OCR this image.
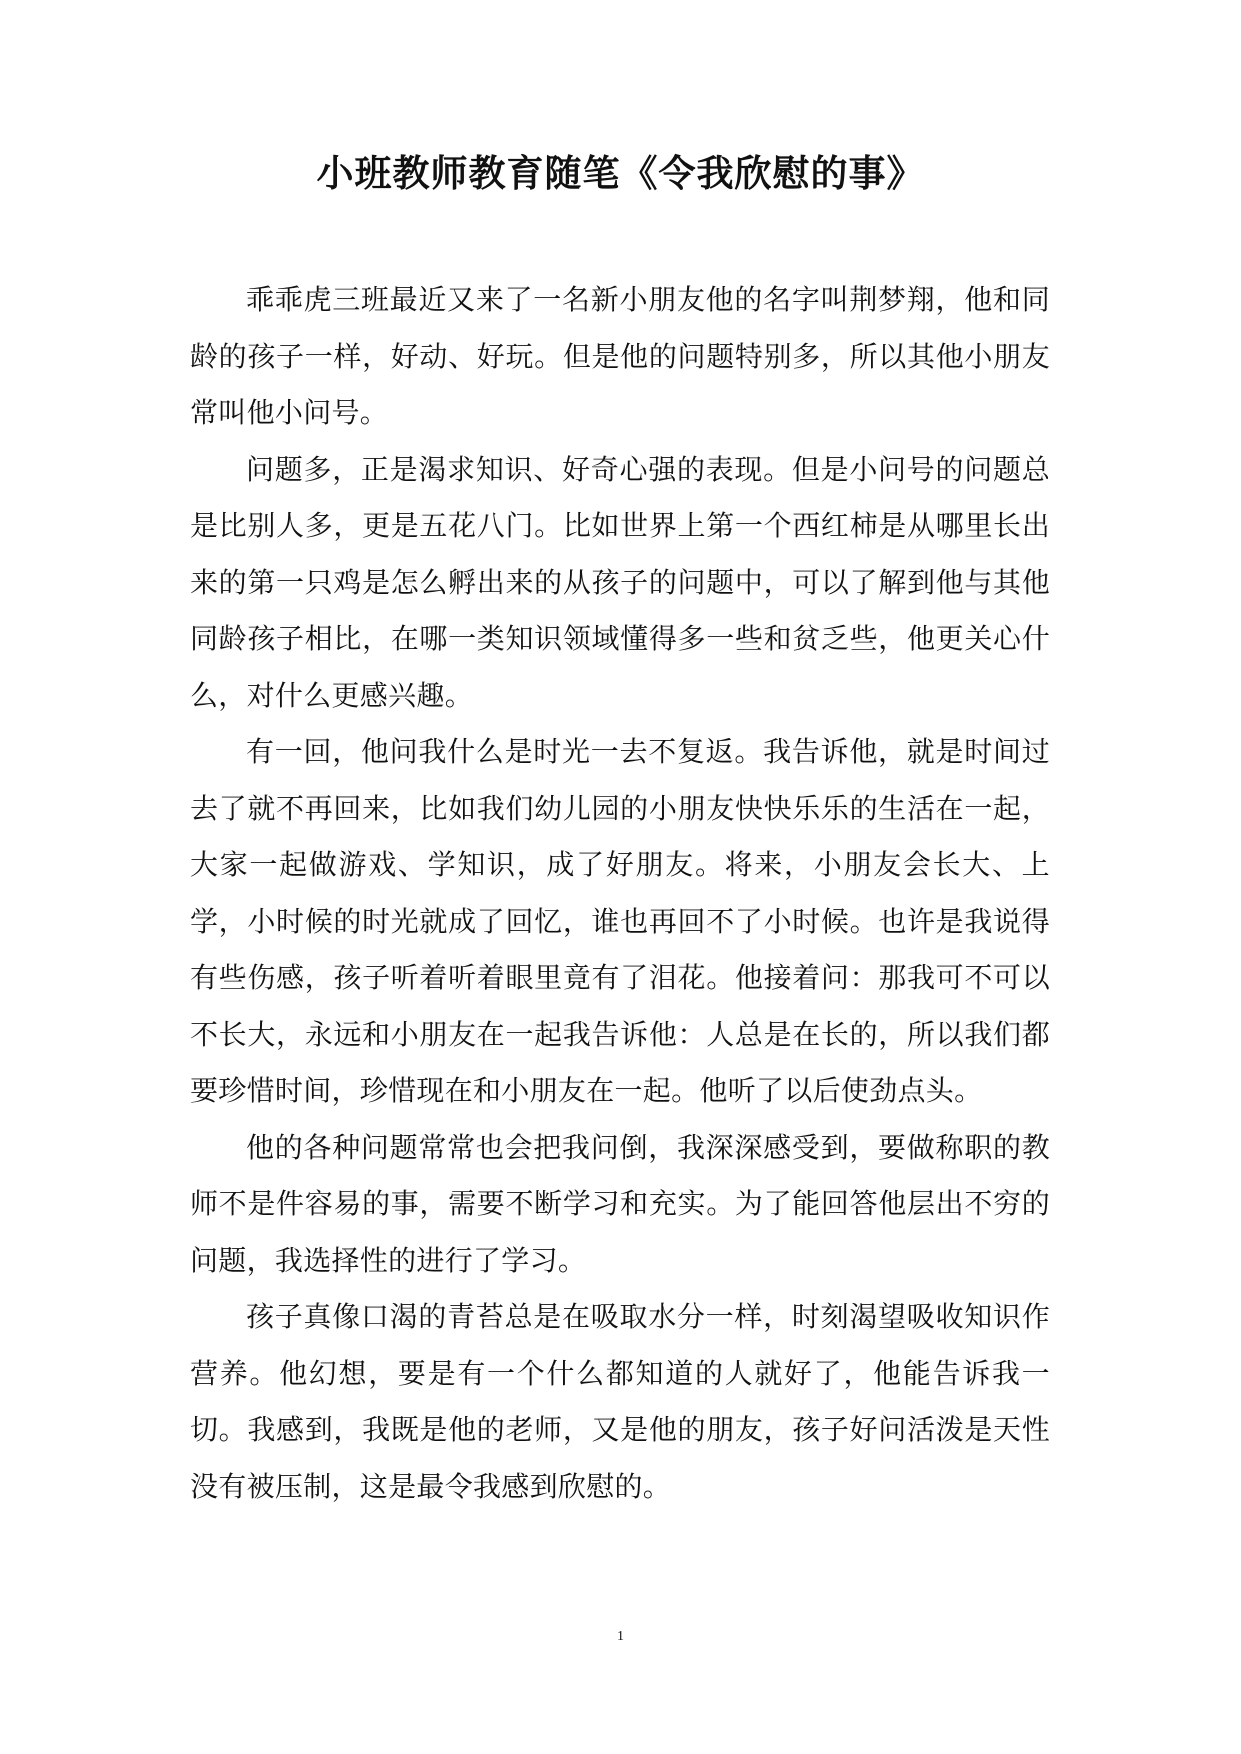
小班教师教育随笔《令我欣慰的事》

乖乖虎三班最近又来了一名新小朋友他的名字叫荆梦翔，他和同龄的孩子一样，好动、好玩。但是他的问题特别多，所以其他小朋友常叫他小问号。

问题多，正是渴求知识、好奇心强的表现。但是小问号的问题总是比别人多，更是五花八门。比如世界上第一个西红柿是从哪里长出来的第一只鸡是怎么孵出来的从孩子的问题中，可以了解到他与其他同龄孩子相比，在哪一类知识领域懂得多一些和贫乏些，他更关心什么，对什么更感兴趣。

有一回，他问我什么是时光一去不复返。我告诉他，就是时间过去了就不再回来，比如我们幼儿园的小朋友快快乐乐的生活在一起，大家一起做游戏、学知识，成了好朋友。将来，小朋友会长大、上学，小时候的时光就成了回忆，谁也再回不了小时候。也许是我说得有些伤感，孩子听着听着眼里竟有了泪花。他接着问：那我可不可以不长大，永远和小朋友在一起我告诉他：人总是在长的，所以我们都要珍惜时间，珍惜现在和小朋友在一起。他听了以后使劲点头。

他的各种问题常常也会把我问倒，我深深感受到，要做称职的教师不是件容易的事，需要不断学习和充实。为了能回答他层出不穷的问题，我选择性的进行了学习。

孩子真像口渴的青苔总是在吸取水分一样，时刻渴望吸收知识作营养。他幻想，要是有一个什么都知道的人就好了，他能告诉我一切。我感到，我既是他的老师，又是他的朋友，孩子好问活泼是天性没有被压制，这是最令我感到欣慰的。

1
